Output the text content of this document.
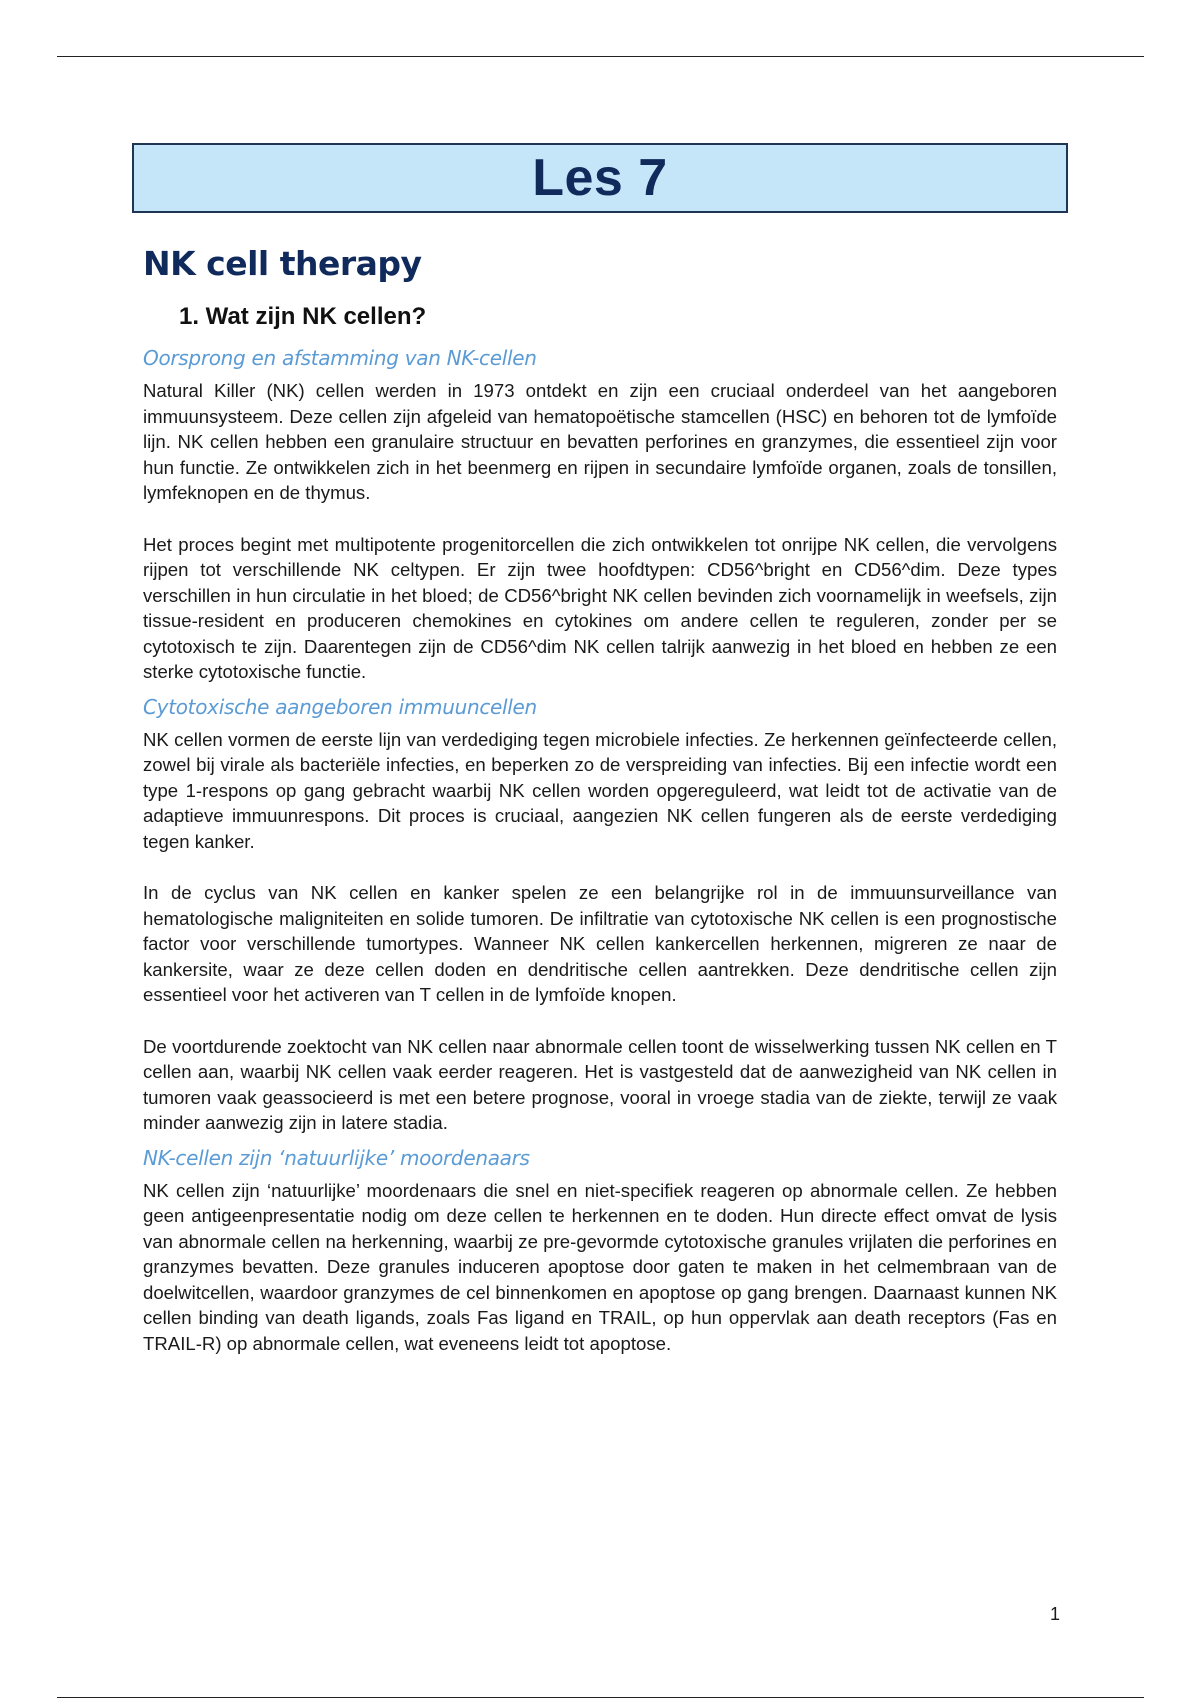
Les 7
NK cell therapy
1. Wat zijn NK cellen?
Oorsprong en afstamming van NK-cellen

Natural Killer (NK) cellen werden in 1973 ontdekt en zijn een cruciaal onderdeel van het aangeboren immuunsysteem. Deze cellen zijn afgeleid van hematopoëtische stamcellen (HSC) en behoren tot de lymfoïde lijn. NK cellen hebben een granulaire structuur en bevatten perforines en granzymes, die essentieel zijn voor hun functie. Ze ontwikkelen zich in het beenmerg en rijpen in secundaire lymfoïde organen, zoals de tonsillen, lymfeknopen en de thymus.

Het proces begint met multipotente progenitorcellen die zich ontwikkelen tot onrijpe NK cellen, die vervolgens rijpen tot verschillende NK celtypen. Er zijn twee hoofdtypen: CD56^bright en CD56^dim. Deze types verschillen in hun circulatie in het bloed; de CD56^bright NK cellen bevinden zich voornamelijk in weefsels, zijn tissue-resident en produceren chemokines en cytokines om andere cellen te reguleren, zonder per se cytotoxisch te zijn. Daarentegen zijn de CD56^dim NK cellen talrijk aanwezig in het bloed en hebben ze een sterke cytotoxische functie.

Cytotoxische aangeboren immuuncellen

NK cellen vormen de eerste lijn van verdediging tegen microbiele infecties. Ze herkennen geïnfecteerde cellen, zowel bij virale als bacteriële infecties, en beperken zo de verspreiding van infecties. Bij een infectie wordt een type 1-respons op gang gebracht waarbij NK cellen worden opgereguleerd, wat leidt tot de activatie van de adaptieve immuunrespons. Dit proces is cruciaal, aangezien NK cellen fungeren als de eerste verdediging tegen kanker.

In de cyclus van NK cellen en kanker spelen ze een belangrijke rol in de immuunsurveillance van hematologische maligniteiten en solide tumoren. De infiltratie van cytotoxische NK cellen is een prognostische factor voor verschillende tumortypes. Wanneer NK cellen kankercellen herkennen, migreren ze naar de kankersite, waar ze deze cellen doden en dendritische cellen aantrekken. Deze dendritische cellen zijn essentieel voor het activeren van T cellen in de lymfoïde knopen.

De voortdurende zoektocht van NK cellen naar abnormale cellen toont de wisselwerking tussen NK cellen en T cellen aan, waarbij NK cellen vaak eerder reageren. Het is vastgesteld dat de aanwezigheid van NK cellen in tumoren vaak geassocieerd is met een betere prognose, vooral in vroege stadia van de ziekte, terwijl ze vaak minder aanwezig zijn in latere stadia.

NK-cellen zijn ‘natuurlijke’ moordenaars

NK cellen zijn ‘natuurlijke’ moordenaars die snel en niet-specifiek reageren op abnormale cellen. Ze hebben geen antigeenpresentatie nodig om deze cellen te herkennen en te doden. Hun directe effect omvat de lysis van abnormale cellen na herkenning, waarbij ze pre-gevormde cytotoxische granules vrijlaten die perforines en granzymes bevatten. Deze granules induceren apoptose door gaten te maken in het celmembraan van de doelwitcellen, waardoor granzymes de cel binnenkomen en apoptose op gang brengen. Daarnaast kunnen NK cellen binding van death ligands, zoals Fas ligand en TRAIL, op hun oppervlak aan death receptors (Fas en TRAIL-R) op abnormale cellen, wat eveneens leidt tot apoptose.

1
